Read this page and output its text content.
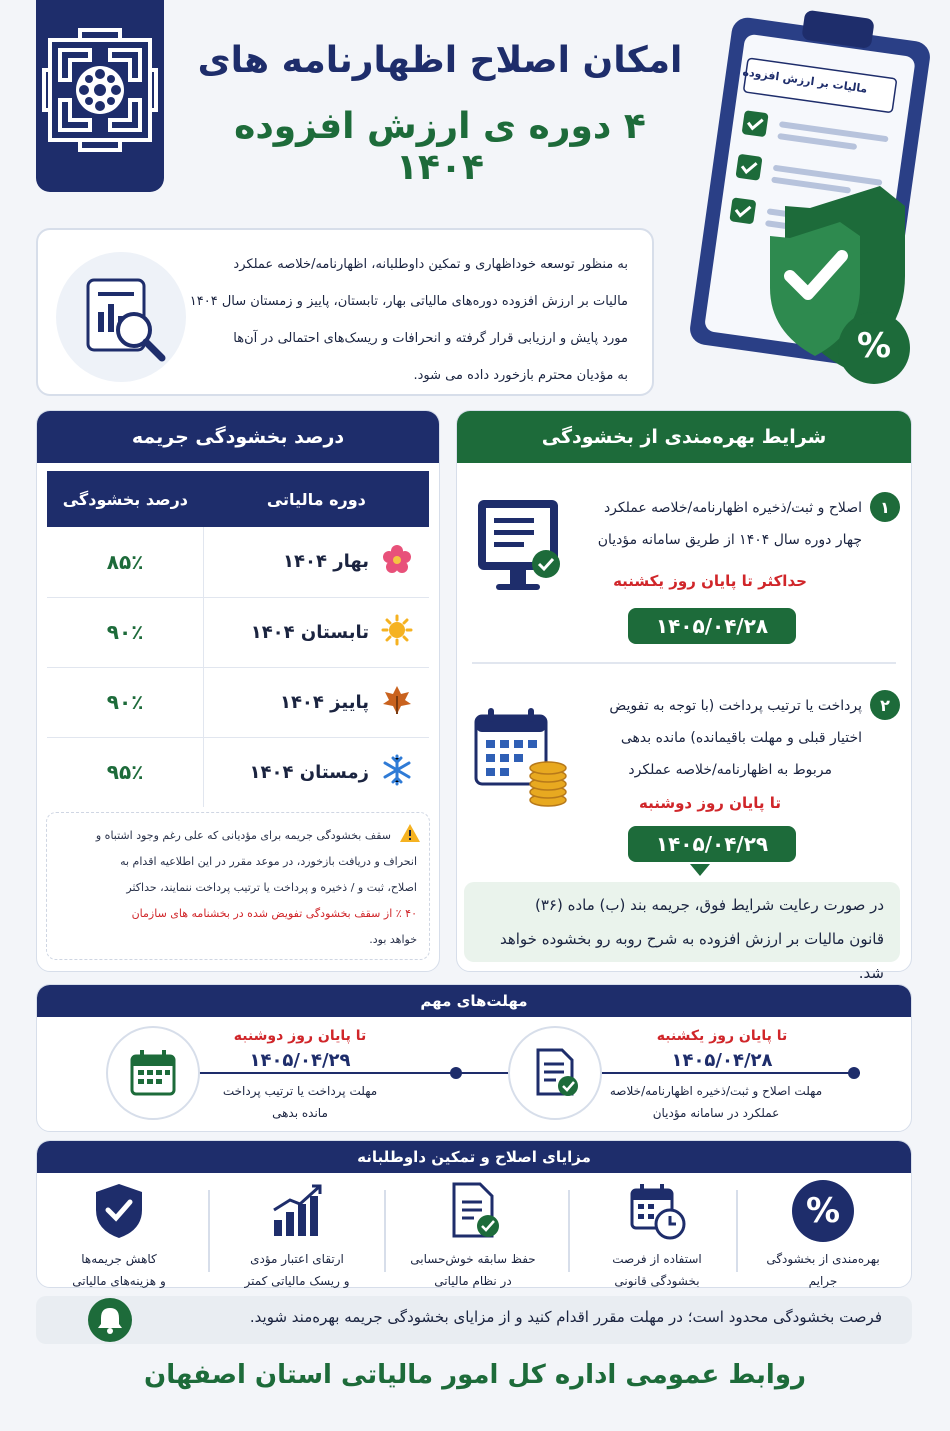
امکان اصلاح اظهارنامه های
۴ دوره ی ارزش افزوده ۱۴۰۴
مالیات بر ارزش افزوده
%
به منظور توسعه خوداظهاری و تمکین داوطلبانه، اظهارنامه/خلاصه عملکرد
مالیات بر ارزش افزوده دوره‌های مالیاتی بهار، تابستان، پاییز و زمستان سال ۱۴۰۴
مورد پایش و ارزیابی قرار گرفته و انحرافات و ریسک‌های احتمالی در آن‌ها
به مؤدیان محترم بازخورد داده می شود.
درصد بخشودگی جریمه
دوره مالیاتی	درصد بخشودگی

بهار ۱۴۰۴	۸۵٪

تابستان ۱۴۰۴	۹۰٪

پاییز ۱۴۰۴	۹۰٪

زمستان ۱۴۰۴	۹۵٪
سقف بخشودگی جریمه برای مؤدیانی که علی رغم وجود اشتباه و
انحراف و دریافت بازخورد، در موعد مقرر در این اطلاعیه اقدام به
اصلاح، ثبت و / ذخیره و پرداخت یا ترتیب پرداخت ننمایند، حداکثر
۴۰ ٪ از سقف بخشودگی تفویض شده در بخشنامه های سازمان
خواهد بود.
شرایط بهره‌مندی از بخشودگی
۱
اصلاح و ثبت/ذخیره اظهارنامه/خلاصه عملکرد
چهار دوره سال ۱۴۰۴ از طریق سامانه مؤدیان
حداکثر تا پایان روز یکشنبه
۱۴۰۵/۰۴/۲۸
۲
پرداخت یا ترتیب پرداخت (با توجه به تفویض
اختیار قبلی و مهلت باقیمانده) مانده بدهی
مربوط به اظهارنامه/خلاصه عملکرد
تا پایان روز دوشنبه
۱۴۰۵/۰۴/۲۹
در صورت رعایت شرایط فوق، جریمه بند (ب) ماده (۳۶)
قانون مالیات بر ارزش افزوده به شرح روبه رو بخشوده خواهد شد.
مهلت‌های مهم
تا پایان روز یکشنبه
۱۴۰۵/۰۴/۲۸
مهلت اصلاح و ثبت/ذخیره اظهارنامه/خلاصه
عملکرد در سامانه مؤدیان
تا پایان روز دوشنبه
۱۴۰۵/۰۴/۲۹
مهلت پرداخت یا ترتیب پرداخت
مانده بدهی
مزایای اصلاح و تمکین داوطلبانه
%
بهره‌مندی از بخشودگی
جرایم
استفاده از فرصت
بخشودگی قانونی
حفظ سابقه خوش‌حسابی
در نظام مالیاتی
ارتقای اعتبار مؤدی
و ریسک مالیاتی کمتر
کاهش جریمه‌ها
و هزینه‌های مالیاتی
فرصت بخشودگی محدود است؛ در مهلت مقرر اقدام کنید و از مزایای بخشودگی جریمه بهره‌مند شوید.
روابط عمومی اداره کل امور مالیاتی استان اصفهان
